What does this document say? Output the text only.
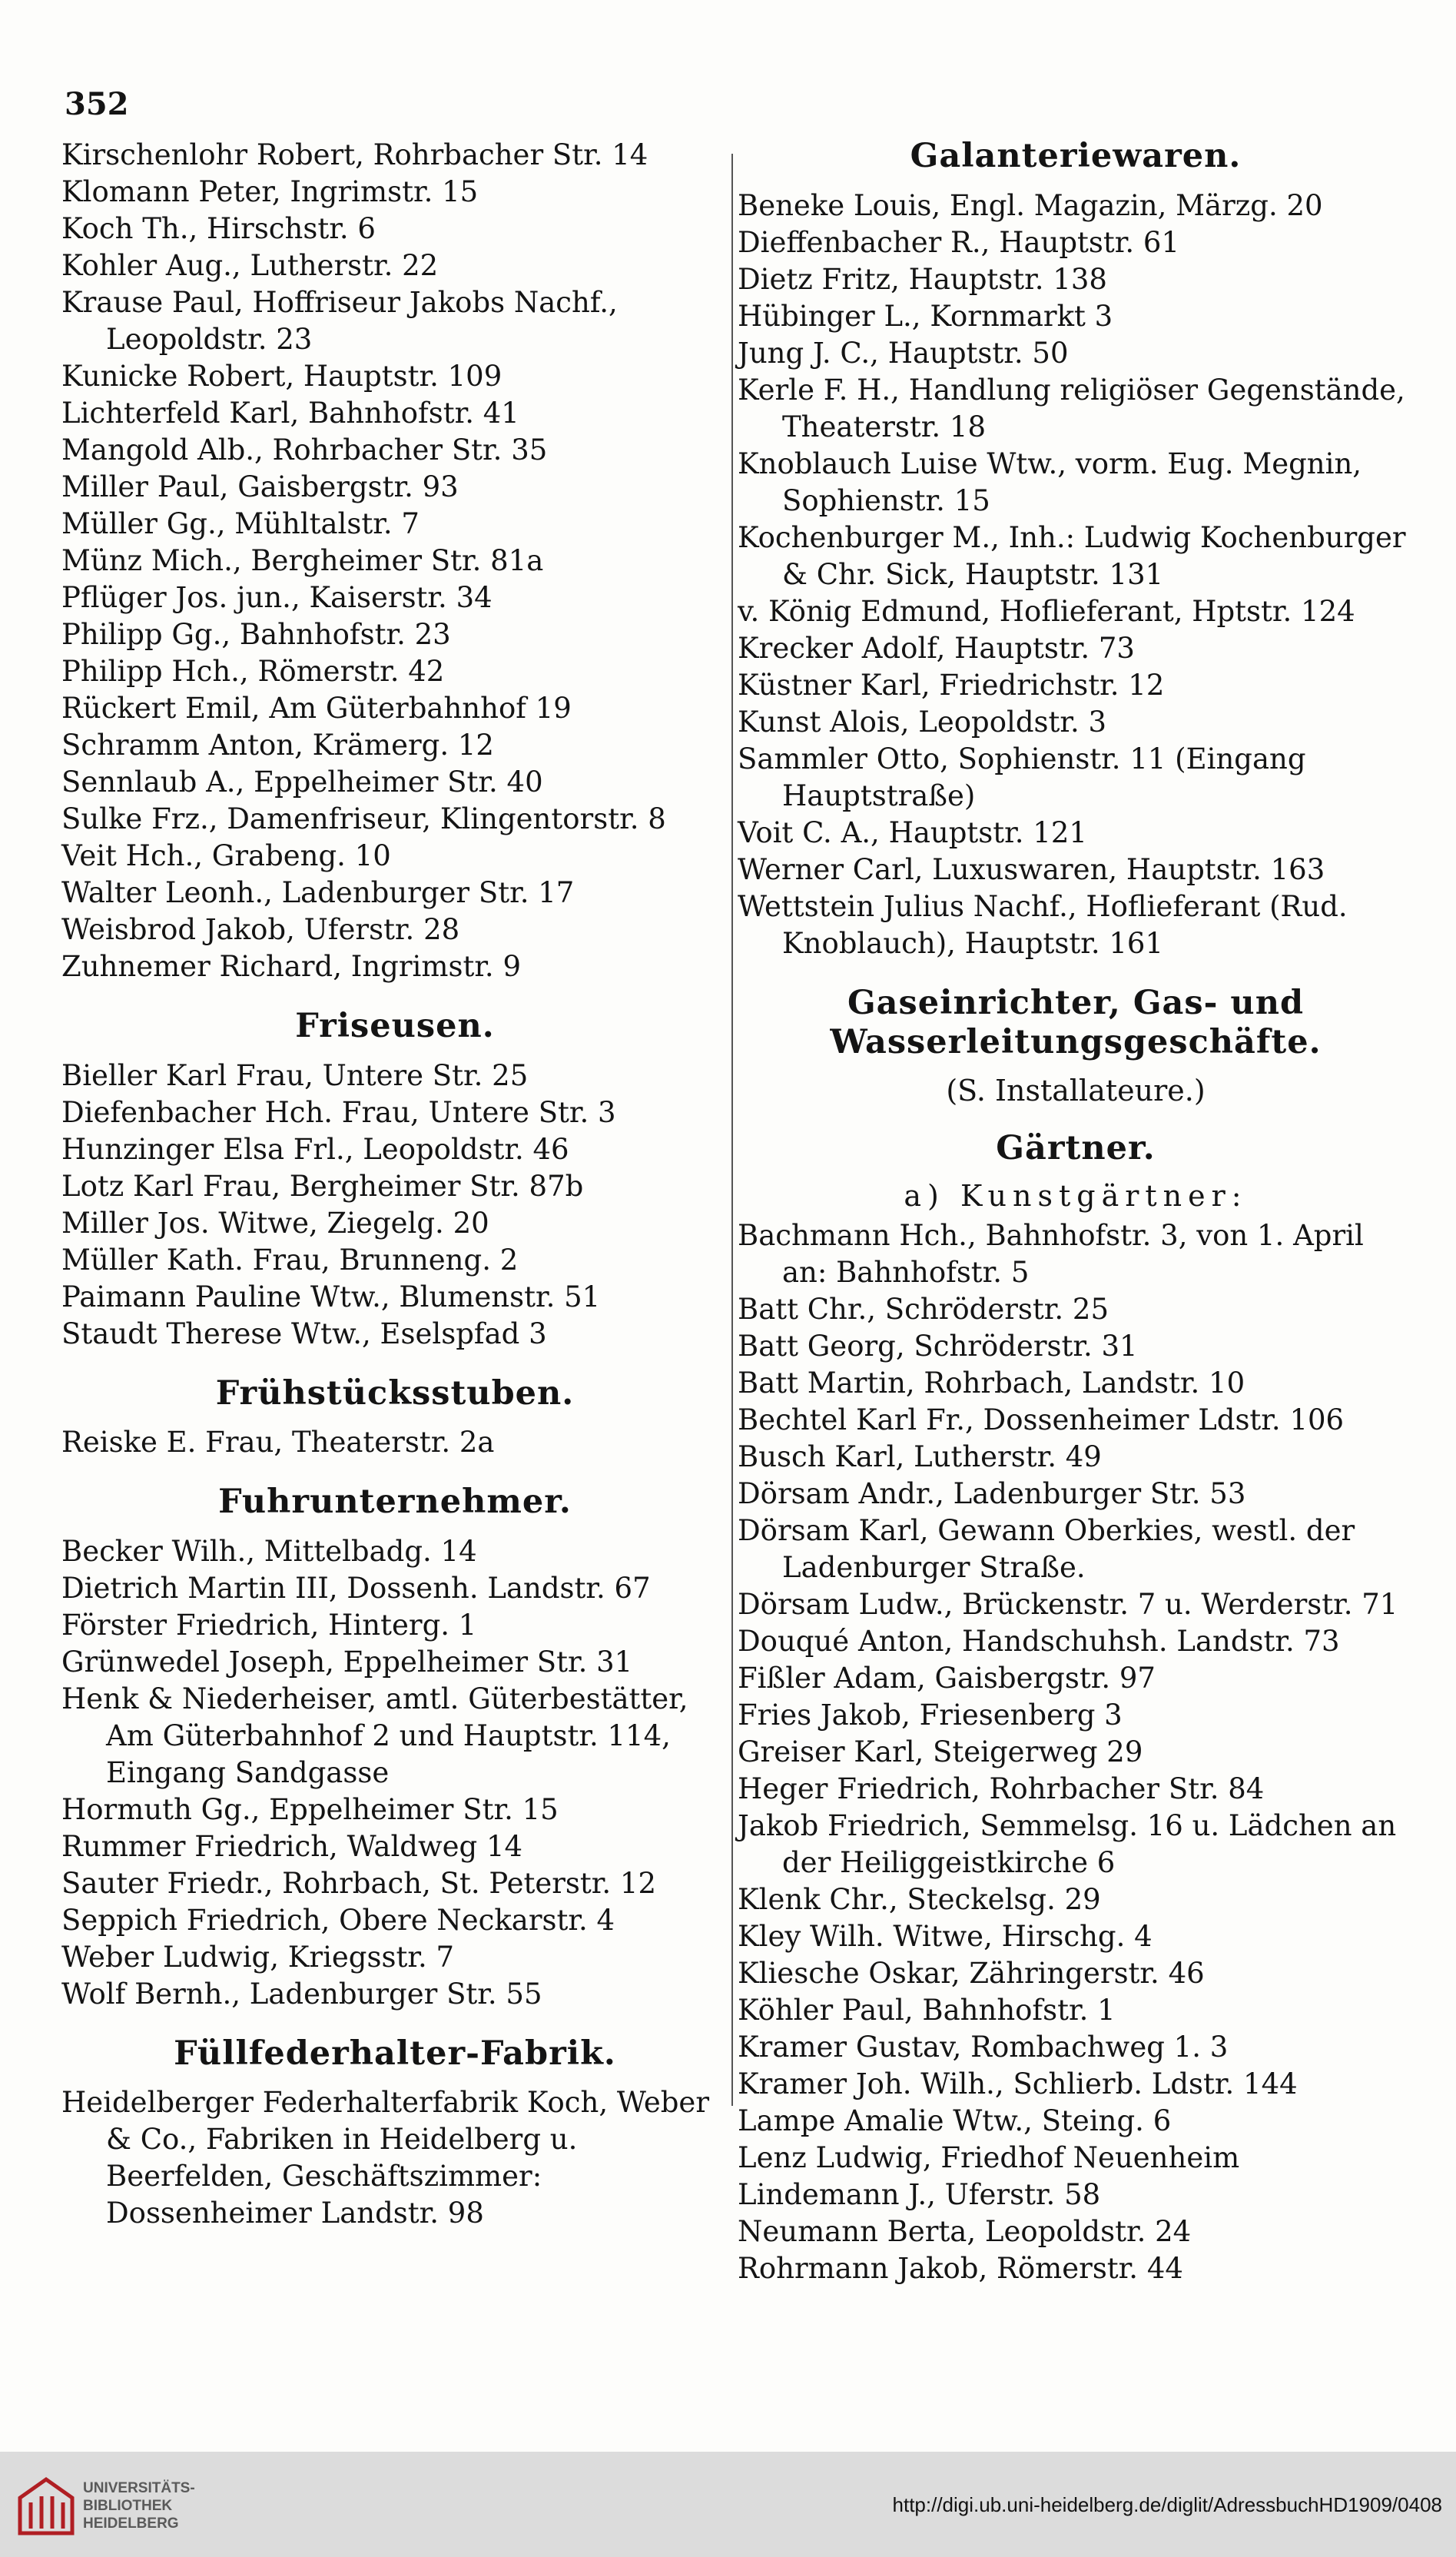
352
Kirschenlohr Robert, Rohrbacher Str. 14
Klomann Peter, Ingrimstr. 15
Koch Th., Hirschstr. 6
Kohler Aug., Lutherstr. 22
Krause Paul, Hoffriseur Jakobs Nachf., Leopoldstr. 23
Kunicke Robert, Hauptstr. 109
Lichterfeld Karl, Bahnhofstr. 41
Mangold Alb., Rohrbacher Str. 35
Miller Paul, Gaisbergstr. 93
Müller Gg., Mühltalstr. 7
Münz Mich., Bergheimer Str. 81a
Pflüger Jos. jun., Kaiserstr. 34
Philipp Gg., Bahnhofstr. 23
Philipp Hch., Römerstr. 42
Rückert Emil, Am Güterbahnhof 19
Schramm Anton, Krämerg. 12
Sennlaub A., Eppelheimer Str. 40
Sulke Frz., Damenfriseur, Klingentorstr. 8
Veit Hch., Grabeng. 10
Walter Leonh., Ladenburger Str. 17
Weisbrod Jakob, Uferstr. 28
Zuhnemer Richard, Ingrimstr. 9
Friseusen.
Bieller Karl Frau, Untere Str. 25
Diefenbacher Hch. Frau, Untere Str. 3
Hunzinger Elsa Frl., Leopoldstr. 46
Lotz Karl Frau, Bergheimer Str. 87b
Miller Jos. Witwe, Ziegelg. 20
Müller Kath. Frau, Brunneng. 2
Paimann Pauline Wtw., Blumenstr. 51
Staudt Therese Wtw., Eselspfad 3
Frühstücksstuben.
Reiske E. Frau, Theaterstr. 2a
Fuhrunternehmer.
Becker Wilh., Mittelbadg. 14
Dietrich Martin III, Dossenh. Landstr. 67
Förster Friedrich, Hinterg. 1
Grünwedel Joseph, Eppelheimer Str. 31
Henk & Niederheiser, amtl. Güterbestätter, Am Güterbahnhof 2 und Hauptstr. 114, Eingang Sandgasse
Hormuth Gg., Eppelheimer Str. 15
Rummer Friedrich, Waldweg 14
Sauter Friedr., Rohrbach, St. Peterstr. 12
Seppich Friedrich, Obere Neckarstr. 4
Weber Ludwig, Kriegsstr. 7
Wolf Bernh., Ladenburger Str. 55
Füllfederhalter-Fabrik.
Heidelberger Federhalterfabrik Koch, Weber & Co., Fabriken in Heidelberg u. Beerfelden, Geschäftszimmer: Dossenheimer Landstr. 98
Galanteriewaren.
Beneke Louis, Engl. Magazin, Märzg. 20
Dieffenbacher R., Hauptstr. 61
Dietz Fritz, Hauptstr. 138
Hübinger L., Kornmarkt 3
Jung J. C., Hauptstr. 50
Kerle F. H., Handlung religiöser Gegenstände, Theaterstr. 18
Knoblauch Luise Wtw., vorm. Eug. Megnin, Sophienstr. 15
Kochenburger M., Inh.: Ludwig Kochenburger & Chr. Sick, Hauptstr. 131
v. König Edmund, Hoflieferant, Hptstr. 124
Krecker Adolf, Hauptstr. 73
Küstner Karl, Friedrichstr. 12
Kunst Alois, Leopoldstr. 3
Sammler Otto, Sophienstr. 11 (Eingang Hauptstraße)
Voit C. A., Hauptstr. 121
Werner Carl, Luxuswaren, Hauptstr. 163
Wettstein Julius Nachf., Hoflieferant (Rud. Knoblauch), Hauptstr. 161
Gaseinrichter, Gas- und Wasserleitungsgeschäfte.
(S. Installateure.)
Gärtner.
a) Kunstgärtner:
Bachmann Hch., Bahnhofstr. 3, von 1. April an: Bahnhofstr. 5
Batt Chr., Schröderstr. 25
Batt Georg, Schröderstr. 31
Batt Martin, Rohrbach, Landstr. 10
Bechtel Karl Fr., Dossenheimer Ldstr. 106
Busch Karl, Lutherstr. 49
Dörsam Andr., Ladenburger Str. 53
Dörsam Karl, Gewann Oberkies, westl. der Ladenburger Straße.
Dörsam Ludw., Brückenstr. 7 u. Werderstr. 71
Douqué Anton, Handschuhsh. Landstr. 73
Fißler Adam, Gaisbergstr. 97
Fries Jakob, Friesenberg 3
Greiser Karl, Steigerweg 29
Heger Friedrich, Rohrbacher Str. 84
Jakob Friedrich, Semmelsg. 16 u. Lädchen an der Heiliggeistkirche 6
Klenk Chr., Steckelsg. 29
Kley Wilh. Witwe, Hirschg. 4
Kliesche Oskar, Zähringerstr. 46
Köhler Paul, Bahnhofstr. 1
Kramer Gustav, Rombachweg 1. 3
Kramer Joh. Wilh., Schlierb. Ldstr. 144
Lampe Amalie Wtw., Steing. 6
Lenz Ludwig, Friedhof Neuenheim
Lindemann J., Uferstr. 58
Neumann Berta, Leopoldstr. 24
Rohrmann Jakob, Römerstr. 44
UNIVERSITÄTS-
BIBLIOTHEK
HEIDELBERG
http://digi.ub.uni-heidelberg.de/diglit/AdressbuchHD1909/0408
